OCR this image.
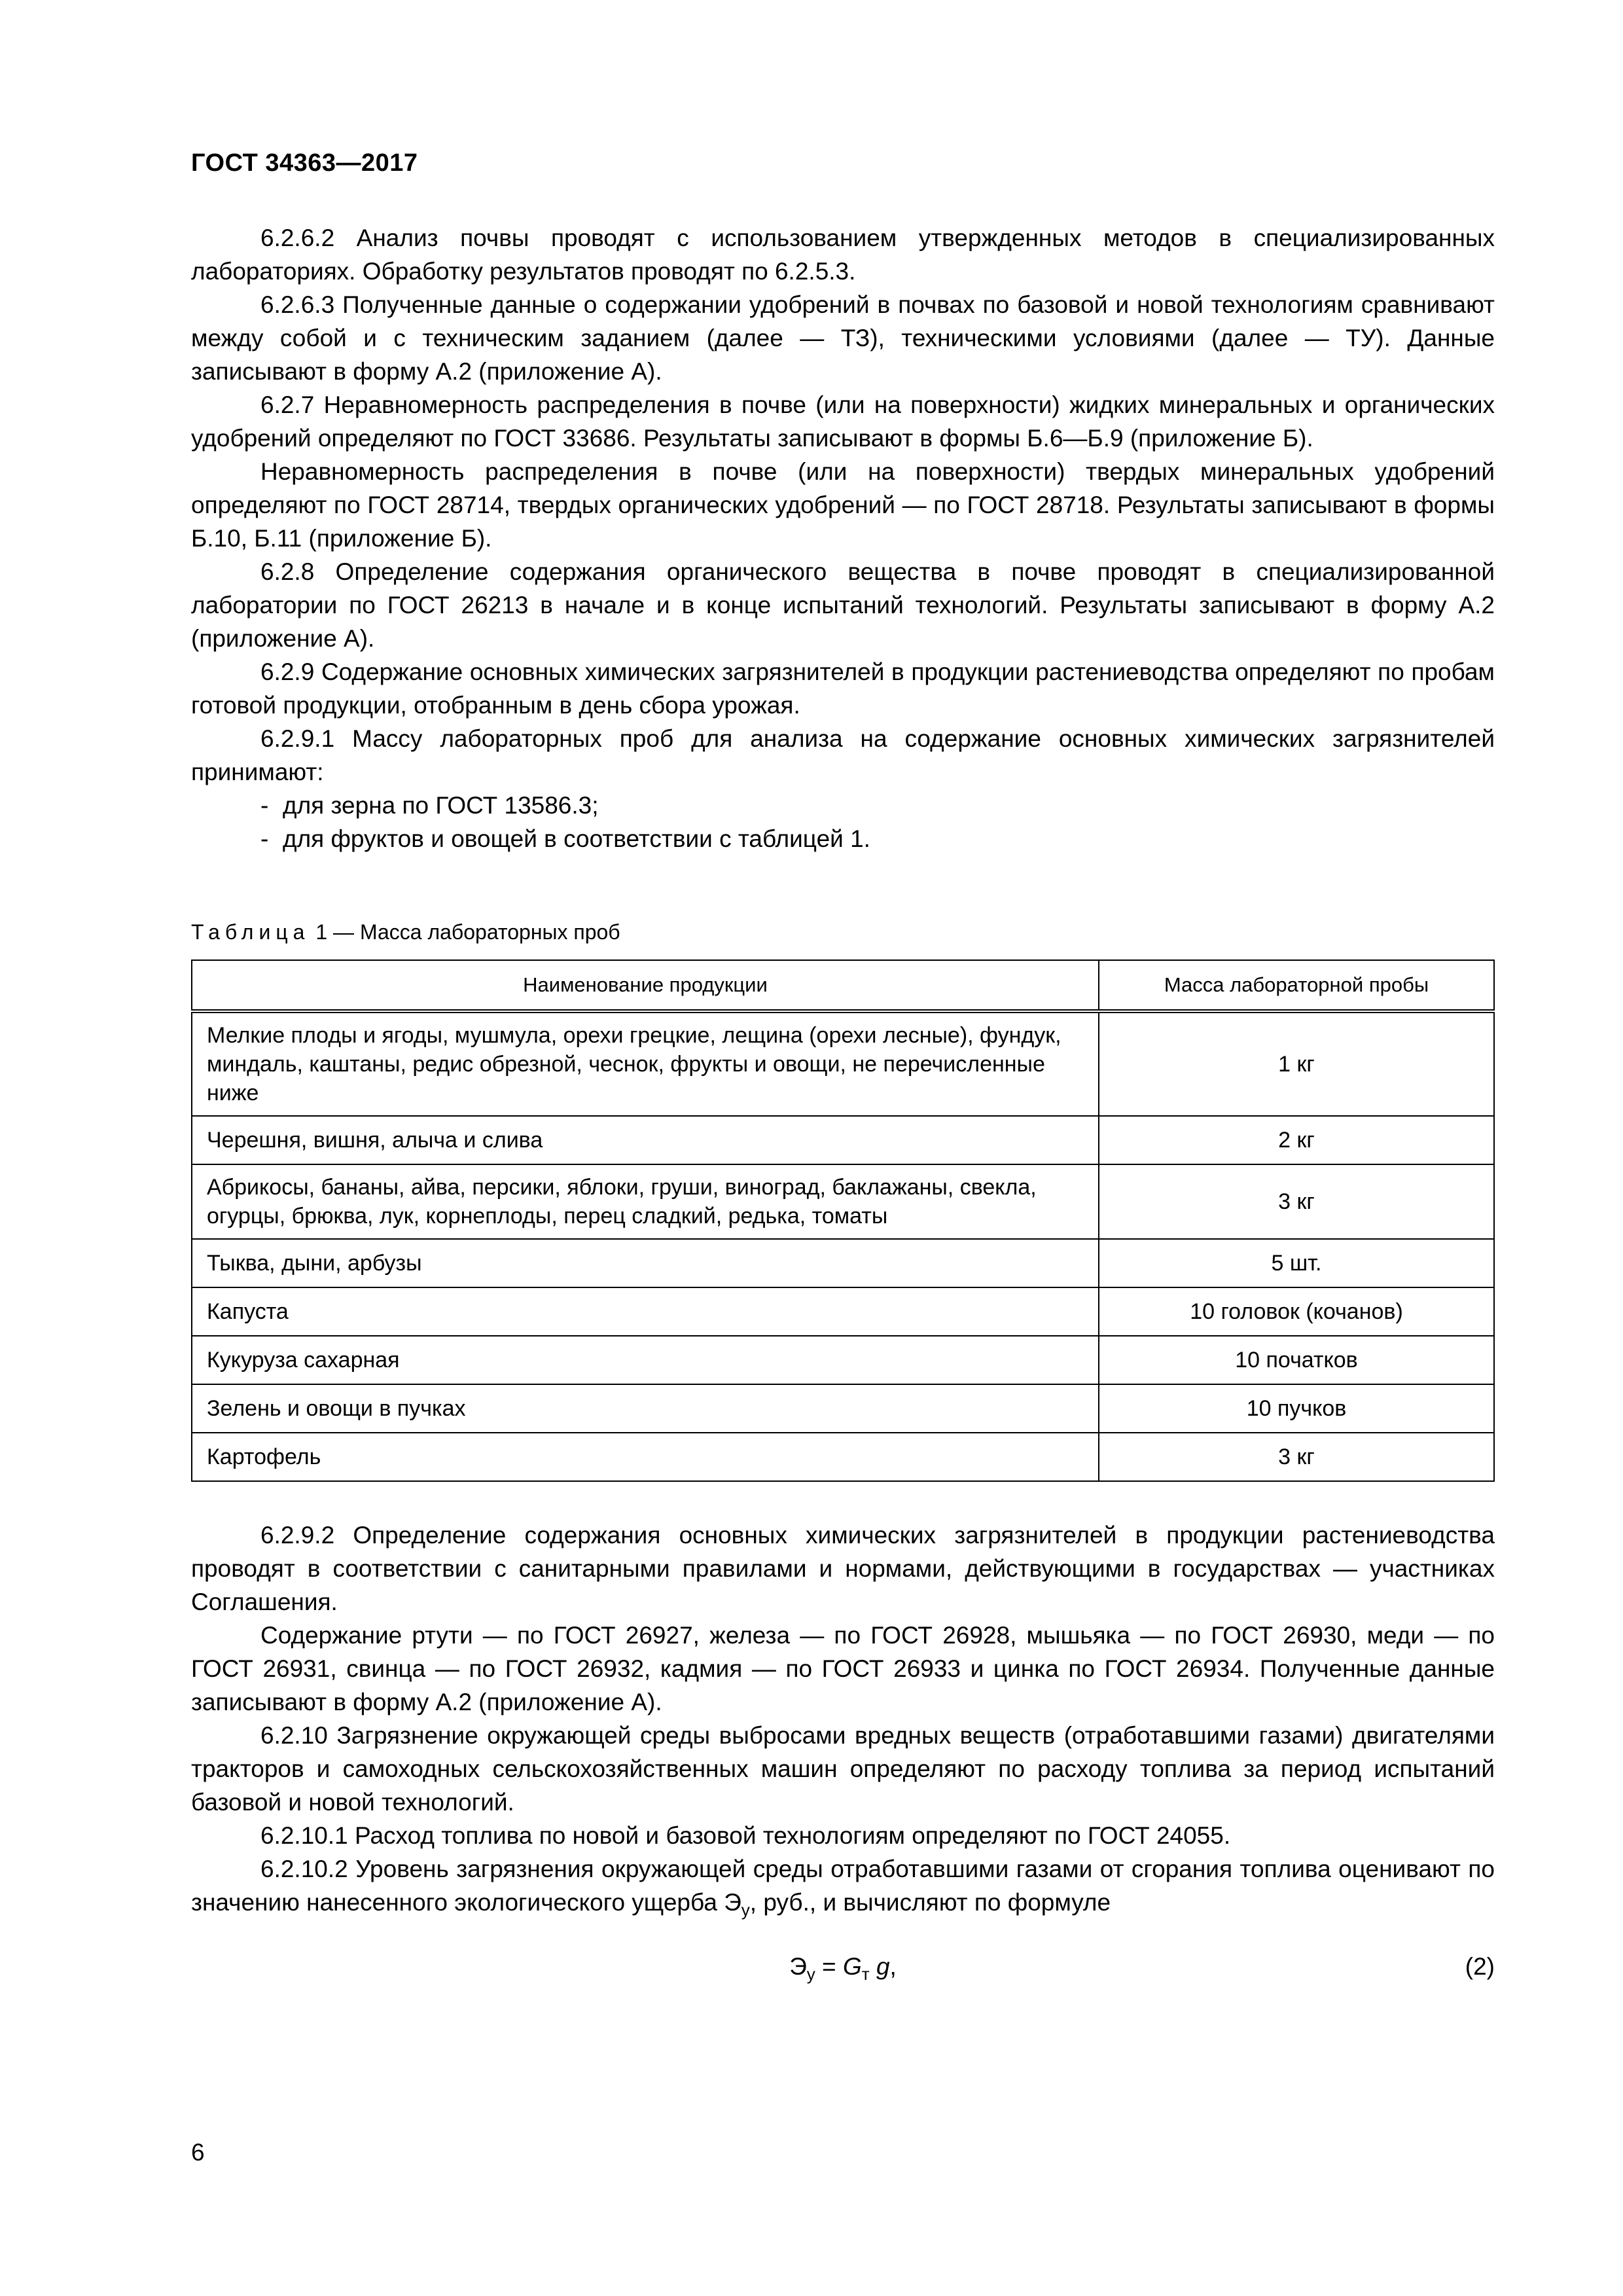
ГОСТ 34363—2017

6.2.6.2 Анализ почвы проводят с использованием утвержденных методов в специализированных лабораториях. Обработку результатов проводят по 6.2.5.3.

6.2.6.3 Полученные данные о содержании удобрений в почвах по базовой и новой технологиям сравнивают между собой и с техническим заданием (далее — ТЗ), техническими условиями (далее — ТУ). Данные записывают в форму А.2 (приложение А).

6.2.7 Неравномерность распределения в почве (или на поверхности) жидких минеральных и органических удобрений определяют по ГОСТ 33686. Результаты записывают в формы Б.6—Б.9 (приложение Б).

Неравномерность распределения в почве (или на поверхности) твердых минеральных удобрений определяют по ГОСТ 28714, твердых органических удобрений — по ГОСТ 28718. Результаты записывают в формы Б.10, Б.11 (приложение Б).

6.2.8 Определение содержания органического вещества в почве проводят в специализированной лаборатории по ГОСТ 26213 в начале и в конце испытаний технологий. Результаты записывают в форму А.2 (приложение А).

6.2.9 Содержание основных химических загрязнителей в продукции растениеводства определяют по пробам готовой продукции, отобранным в день сбора урожая.

6.2.9.1 Массу лабораторных проб для анализа на содержание основных химических загрязнителей принимают:

- для зерна по ГОСТ 13586.3;
- для фруктов и овощей в соответствии с таблицей 1.
Таблица 1 — Масса лабораторных проб
Наименование продукции	Масса лабораторной пробы
Мелкие плоды и ягоды, мушмула, орехи грецкие, лещина (орехи лесные), фундук, миндаль, каштаны, редис обрезной, чеснок, фрукты и овощи, не перечисленные ниже	1 кг
Черешня, вишня, алыча и слива	2 кг
Абрикосы, бананы, айва, персики, яблоки, груши, виноград, баклажаны, свекла, огурцы, брюква, лук, корнеплоды, перец сладкий, редька, томаты	3 кг
Тыква, дыни, арбузы	5 шт.
Капуста	10 головок (кочанов)
Кукуруза сахарная	10 початков
Зелень и овощи в пучках	10 пучков
Картофель	3 кг

6.2.9.2 Определение содержания основных химических загрязнителей в продукции растениеводства проводят в соответствии с санитарными правилами и нормами, действующими в государствах — участниках Соглашения.

Содержание ртути — по ГОСТ 26927, железа — по ГОСТ 26928, мышьяка — по ГОСТ 26930, меди — по ГОСТ 26931, свинца — по ГОСТ 26932, кадмия — по ГОСТ 26933 и цинка по ГОСТ 26934. Полученные данные записывают в форму А.2 (приложение А).

6.2.10 Загрязнение окружающей среды выбросами вредных веществ (отработавшими газами) двигателями тракторов и самоходных сельскохозяйственных машин определяют по расходу топлива за период испытаний базовой и новой технологий.

6.2.10.1 Расход топлива по новой и базовой технологиям определяют по ГОСТ 24055.

6.2.10.2 Уровень загрязнения окружающей среды отработавшими газами от сгорания топлива оценивают по значению нанесенного экологического ущерба $Э_у$, руб., и вычисляют по формуле

$Э_у = G_т$ g,	(2)
6
